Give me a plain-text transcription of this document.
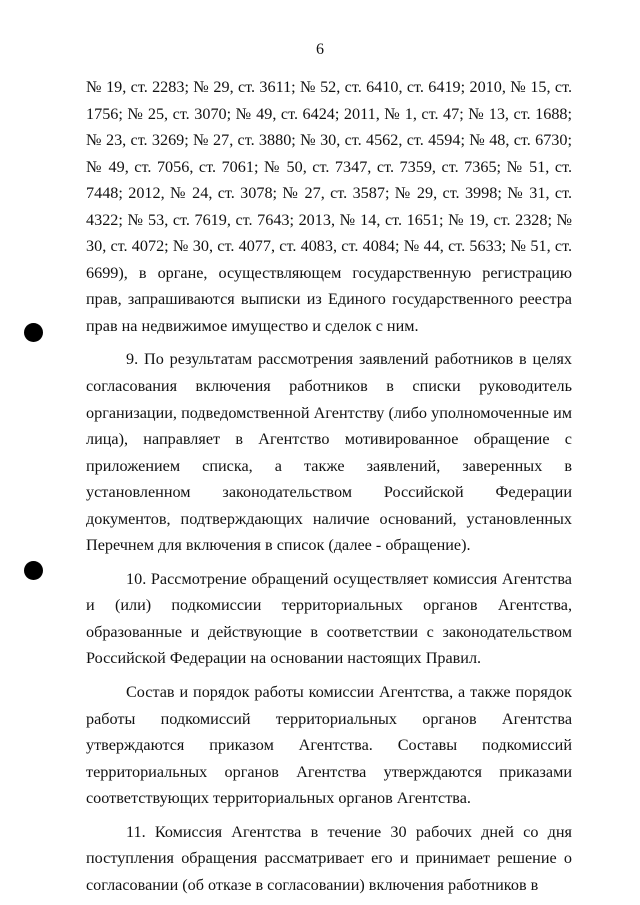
6

№ 19, ст. 2283; № 29, ст. 3611; № 52, ст. 6410, ст. 6419; 2010, № 15, ст. 1756; № 25, ст. 3070; № 49, ст. 6424; 2011, № 1, ст. 47; № 13, ст. 1688; № 23, ст. 3269; № 27, ст. 3880; № 30, ст. 4562, ст. 4594; № 48, ст. 6730; № 49, ст. 7056, ст. 7061; № 50, ст. 7347, ст. 7359, ст. 7365; № 51, ст. 7448; 2012, № 24, ст. 3078; № 27, ст. 3587; № 29, ст. 3998; № 31, ст. 4322; № 53, ст. 7619, ст. 7643; 2013, № 14, ст. 1651; № 19, ст. 2328; № 30, ст. 4072; № 30, ст. 4077, ст. 4083, ст. 4084; № 44, ст. 5633; № 51, ст. 6699), в органе, осуществляющем государственную регистрацию прав, запрашиваются выписки из Единого государственного реестра прав на недвижимое имущество и сделок с ним.

9. По результатам рассмотрения заявлений работников в целях согласования включения работников в списки руководитель организации, подведомственной Агентству (либо уполномоченные им лица), направляет в Агентство мотивированное обращение с приложением списка, а также заявлений, заверенных в установленном законодательством Российской Федерации документов, подтверждающих наличие оснований, установленных Перечнем для включения в список (далее - обращение).

10. Рассмотрение обращений осуществляет комиссия Агентства и (или) подкомиссии территориальных органов Агентства, образованные и действующие в соответствии с законодательством Российской Федерации на основании настоящих Правил.

Состав и порядок работы комиссии Агентства, а также порядок работы подкомиссий территориальных органов Агентства утверждаются приказом Агентства. Составы подкомиссий территориальных органов Агентства утверждаются приказами соответствующих территориальных органов Агентства.

11. Комиссия Агентства в течение 30 рабочих дней со дня поступления обращения рассматривает его и принимает решение о согласовании (об отказе в согласовании) включения работников в
